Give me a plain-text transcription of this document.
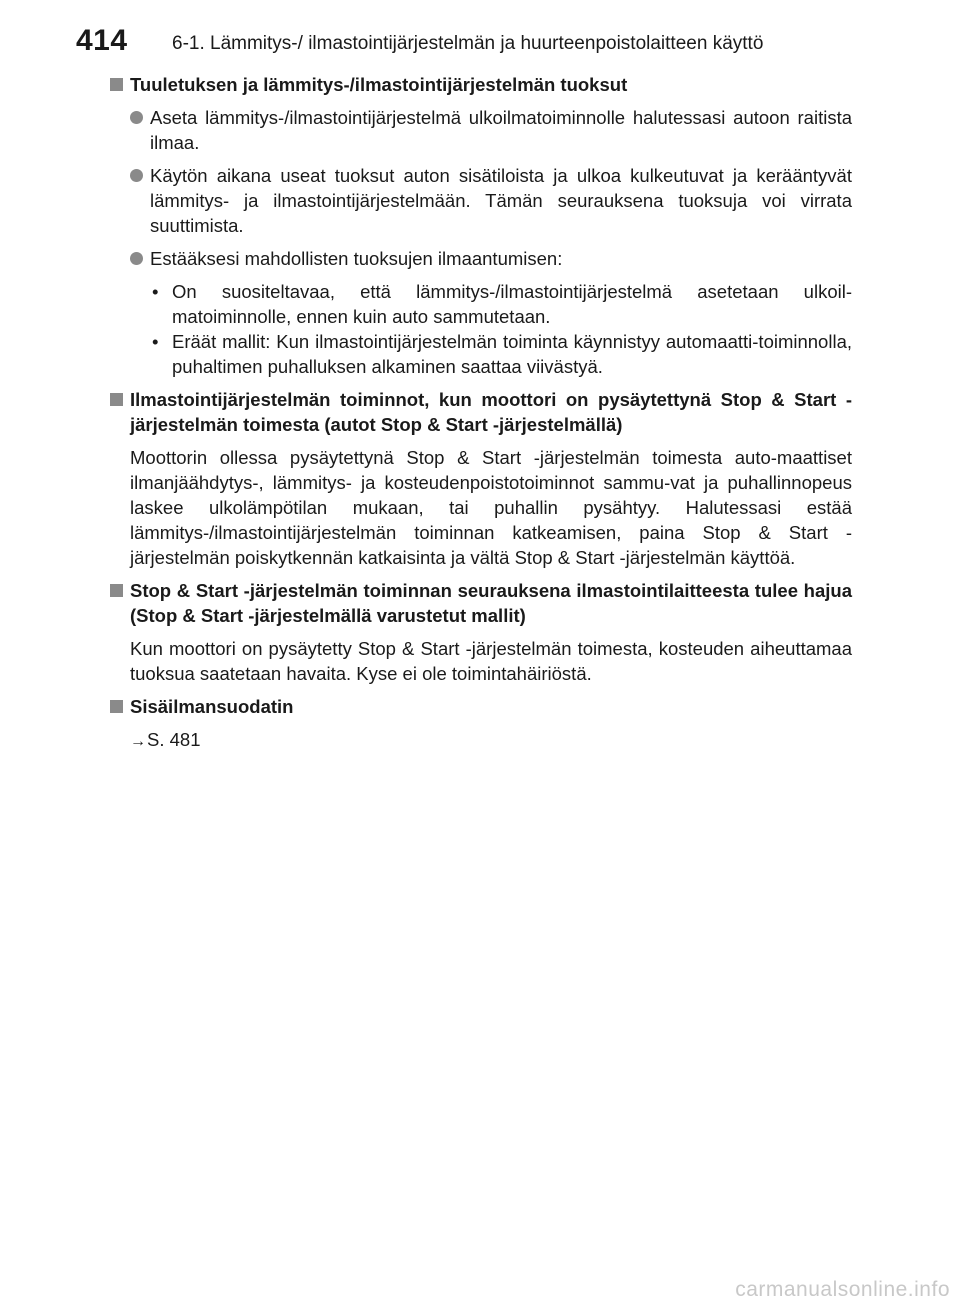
414 6-1. Lämmitys-/ ilmastointijärjestelmän ja huurteenpoistolaitteen käyttö
Tuuletuksen ja lämmitys-/ilmastointijärjestelmän tuoksut
Aseta lämmitys-/ilmastointijärjestelmä ulkoilmatoiminnolle halutessasi autoon raitista ilmaa.
Käytön aikana useat tuoksut auton sisätiloista ja ulkoa kulkeutuvat ja kerääntyvät lämmitys- ja ilmastointijärjestelmään. Tämän seurauksena tuoksuja voi virrata suuttimista.
Estääksesi mahdollisten tuoksujen ilmaantumisen:
• On suositeltavaa, että lämmitys-/ilmastointijärjestelmä asetetaan ulkoil-matoiminnolle, ennen kuin auto sammutetaan.
• Eräät mallit: Kun ilmastointijärjestelmän toiminta käynnistyy automaatti-toiminnolla, puhaltimen puhalluksen alkaminen saattaa viivästyä.
Ilmastointijärjestelmän toiminnot, kun moottori on pysäytettynä Stop & Start -järjestelmän toimesta (autot Stop & Start -järjestelmällä)
Moottorin ollessa pysäytettynä Stop & Start -järjestelmän toimesta auto-maattiset ilmanjäähdytys-, lämmitys- ja kosteudenpoistotoiminnot sammu-vat ja puhallinnopeus laskee ulkolämpötilan mukaan, tai puhallin pysähtyy. Halutessasi estää lämmitys-/ilmastointijärjestelmän toiminnan katkeamisen, paina Stop & Start -järjestelmän poiskytkennän katkaisinta ja vältä Stop & Start -järjestelmän käyttöä.
Stop & Start -järjestelmän toiminnan seurauksena ilmastointilaitteesta tulee hajua (Stop & Start -järjestelmällä varustetut mallit)
Kun moottori on pysäytetty Stop & Start -järjestelmän toimesta, kosteuden aiheuttamaa tuoksua saatetaan havaita. Kyse ei ole toimintahäiriöstä.
Sisäilmansuodatin
→S. 481
carmanualsonline.info
